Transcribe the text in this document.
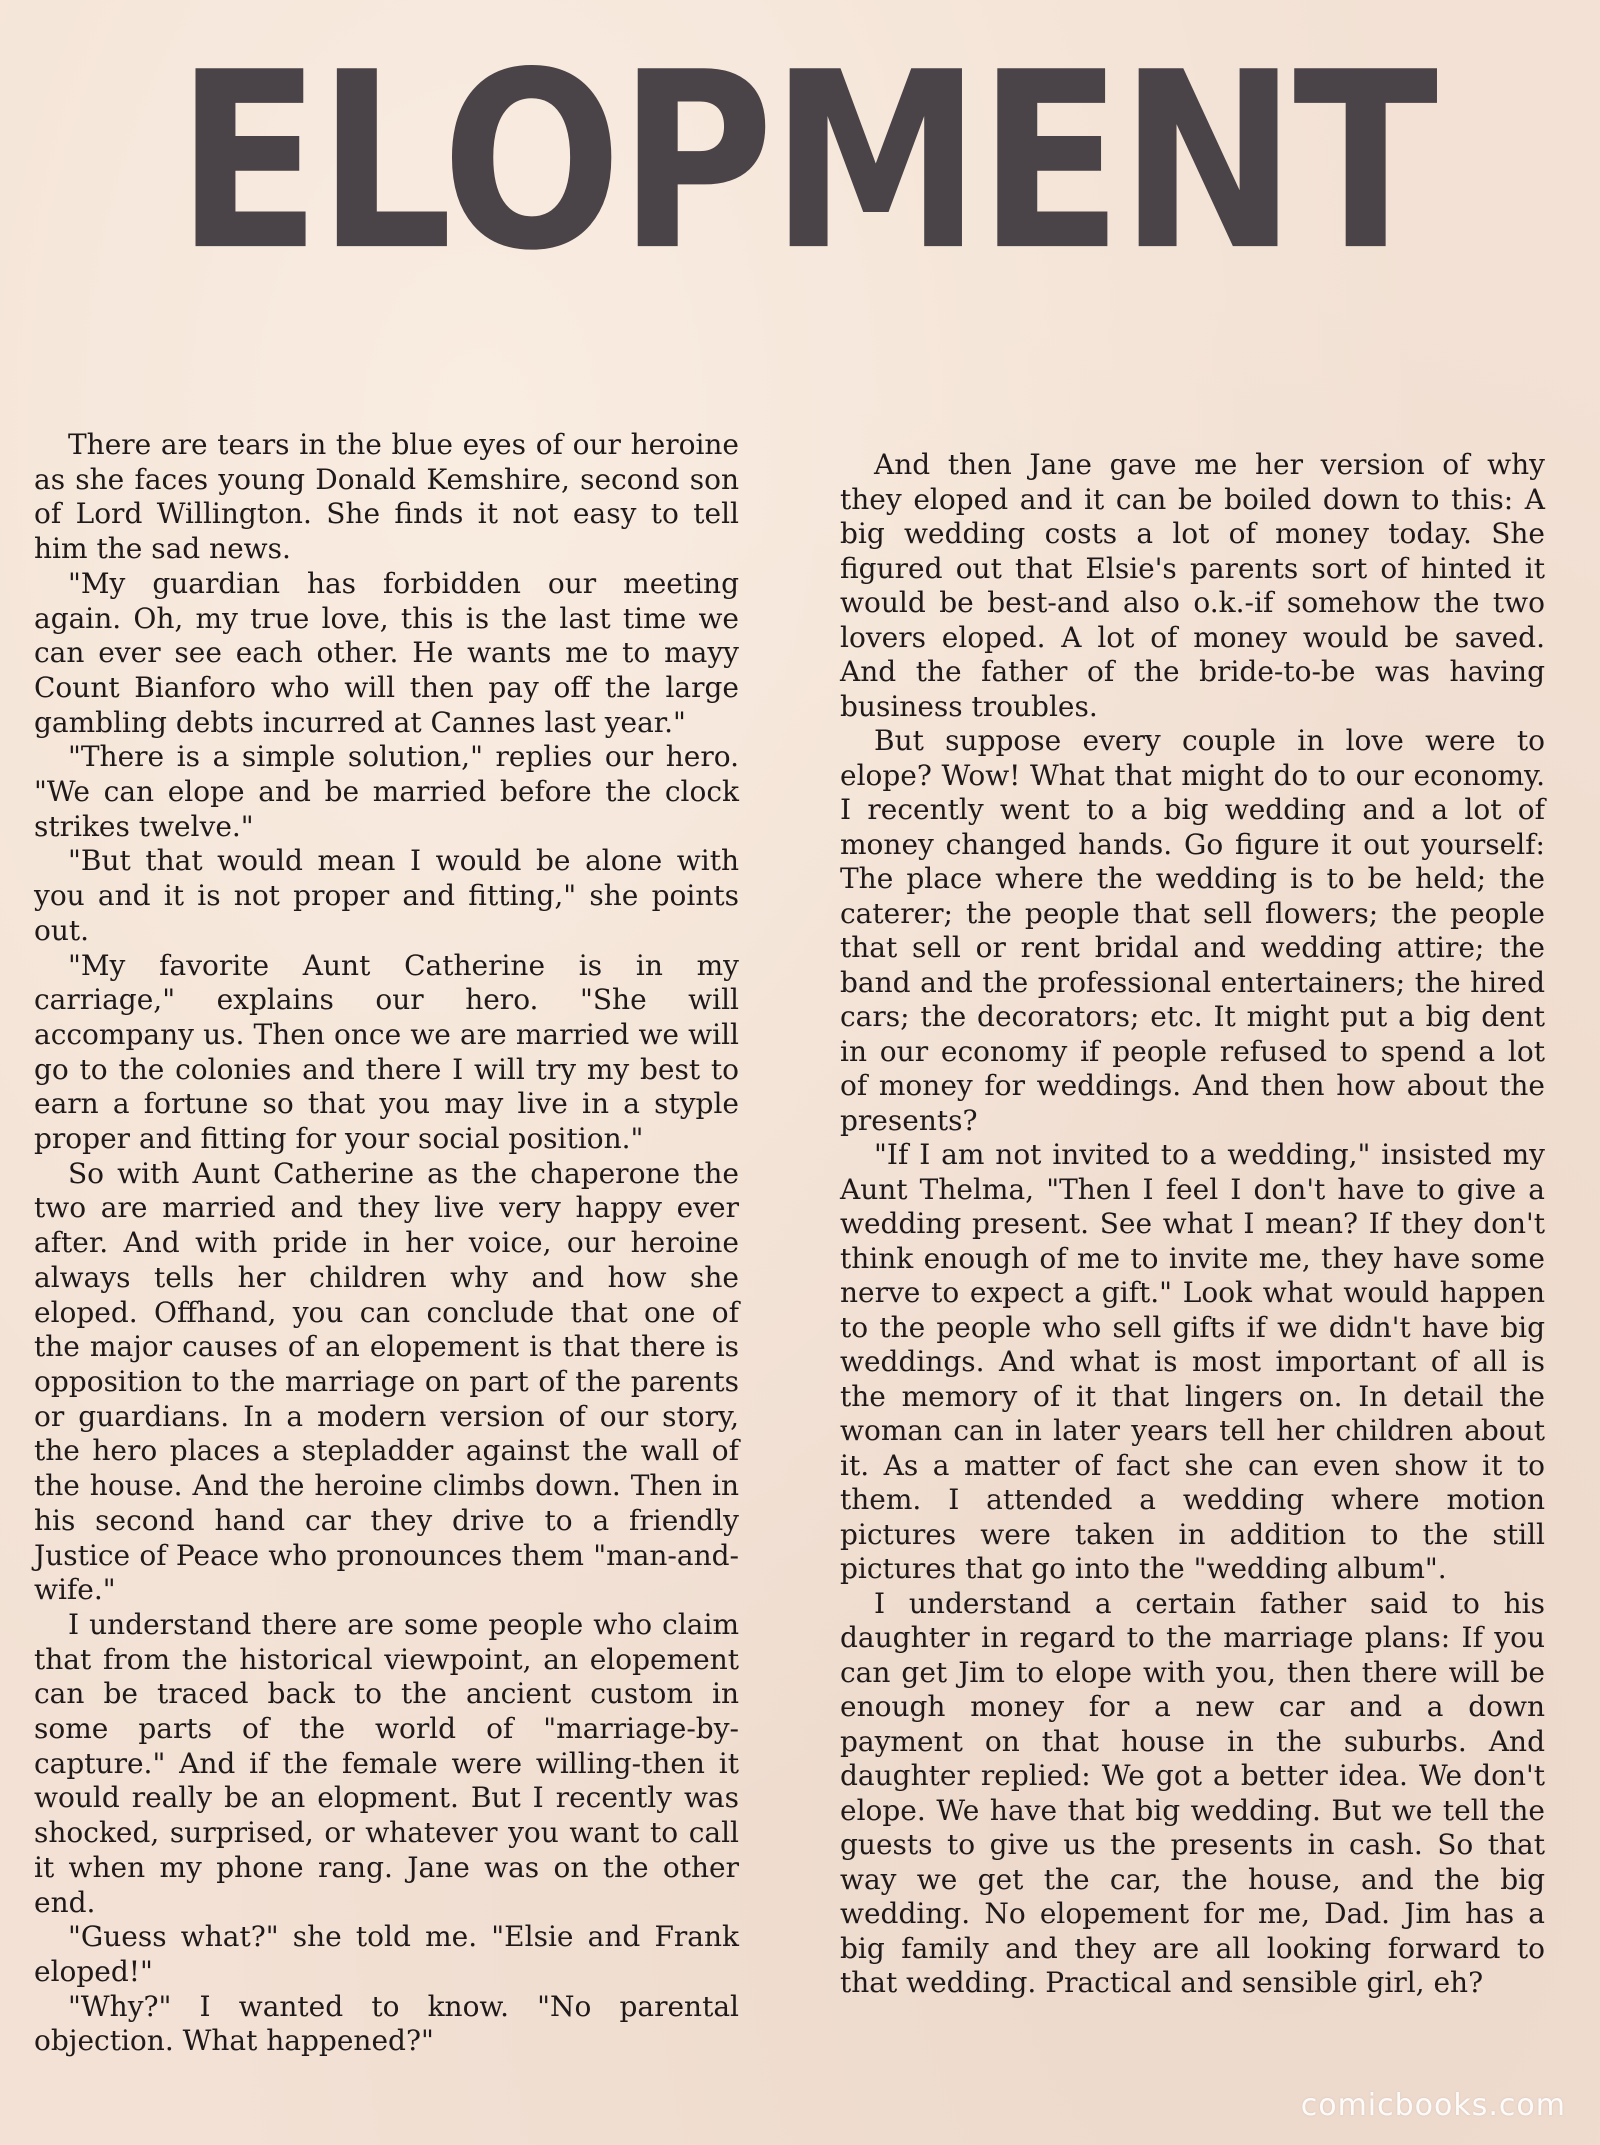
ELOPMENT

There are tears in the blue eyes of our heroine as she faces young Donald Kemshire, second son of Lord Willington. She finds it not easy to tell him the sad news.

"My guardian has forbidden our meeting again. Oh, my true love, this is the last time we can ever see each other. He wants me to mayy Count Bianforo who will then pay off the large gambling debts incurred at Cannes last year."

"There is a simple solution," replies our hero. "We can elope and be married before the clock strikes twelve."

"But that would mean I would be alone with you and it is not proper and fitting," she points out.

"My favorite Aunt Catherine is in my carriage," explains our hero. "She will accompany us. Then once we are married we will go to the colonies and there I will try my best to earn a fortune so that you may live in a styple proper and fitting for your social position."

So with Aunt Catherine as the chaperone the two are married and they live very happy ever after. And with pride in her voice, our heroine always tells her children why and how she eloped. Offhand, you can conclude that one of the major causes of an elopement is that there is opposition to the marriage on part of the parents or guardians. In a modern version of our story, the hero places a stepladder against the wall of the house. And the heroine climbs down. Then in his second hand car they drive to a friendly Justice of Peace who pronounces them "man-and-wife."

I understand there are some people who claim that from the historical viewpoint, an elopement can be traced back to the ancient custom in some parts of the world of "marriage-by-capture." And if the female were willing-then it would really be an elopment. But I recently was shocked, surprised, or whatever you want to call it when my phone rang. Jane was on the other end.

"Guess what?" she told me. "Elsie and Frank eloped!"

"Why?" I wanted to know. "No parental objection. What happened?"

And then Jane gave me her version of why they eloped and it can be boiled down to this: A big wedding costs a lot of money today. She figured out that Elsie's parents sort of hinted it would be best-and also o.k.-if somehow the two lovers eloped. A lot of money would be saved. And the father of the bride-to-be was having business troubles.

But suppose every couple in love were to elope? Wow! What that might do to our economy. I recently went to a big wedding and a lot of money changed hands. Go figure it out yourself: The place where the wedding is to be held; the caterer; the people that sell flowers; the people that sell or rent bridal and wedding attire; the band and the professional entertainers; the hired cars; the decorators; etc. It might put a big dent in our economy if people refused to spend a lot of money for weddings. And then how about the presents?

"If I am not invited to a wedding," insisted my Aunt Thelma, "Then I feel I don't have to give a wedding present. See what I mean? If they don't think enough of me to invite me, they have some nerve to expect a gift." Look what would happen to the people who sell gifts if we didn't have big weddings. And what is most important of all is the memory of it that lingers on. In detail the woman can in later years tell her children about it. As a matter of fact she can even show it to them. I attended a wedding where motion pictures were taken in addition to the still pictures that go into the "wedding album".

I understand a certain father said to his daughter in regard to the marriage plans: If you can get Jim to elope with you, then there will be enough money for a new car and a down payment on that house in the suburbs. And daughter replied: We got a better idea. We don't elope. We have that big wedding. But we tell the guests to give us the presents in cash. So that way we get the car, the house, and the big wedding. No elopement for me, Dad. Jim has a big family and they are all looking forward to that wedding. Practical and sensible girl, eh?

comicbooks.com
